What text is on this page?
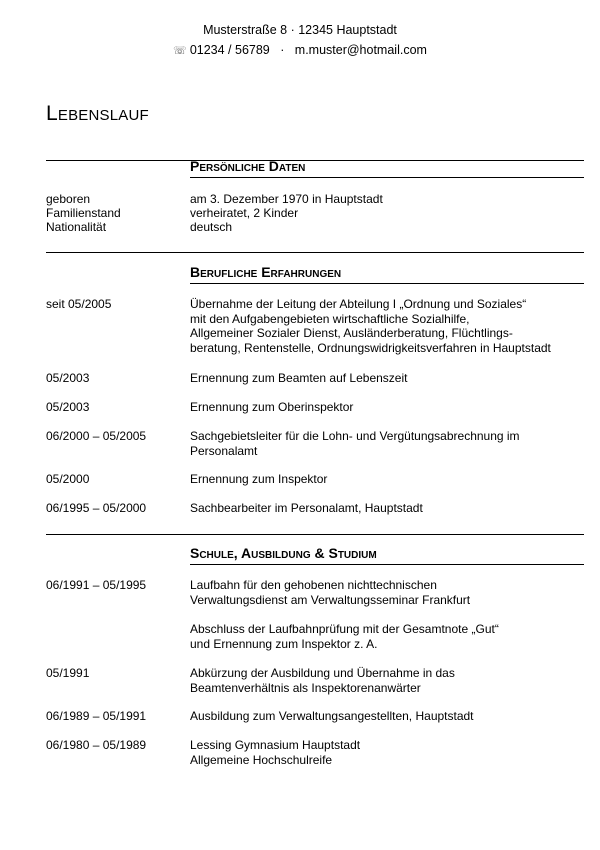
Musterstraße 8 · 12345 Hauptstadt
☏ 01234 / 56789 · m.muster@hotmail.com
Lebenslauf
Persönliche Daten
geboren	am 3. Dezember 1970 in Hauptstadt
Familienstand	verheiratet, 2 Kinder
Nationalität	deutsch
Berufliche Erfahrungen
seit 05/2005	Übernahme der Leitung der Abteilung I „Ordnung und Soziales“
mit den Aufgabengebieten wirtschaftliche Sozialhilfe,
Allgemeiner Sozialer Dienst, Ausländerberatung, Flüchtlings-
beratung, Rentenstelle, Ordnungswidrigkeitsverfahren in Hauptstadt
05/2003	Ernennung zum Beamten auf Lebenszeit
05/2003	Ernennung zum Oberinspektor
06/2000 – 05/2005	Sachgebietsleiter für die Lohn- und Vergütungsabrechnung im
Personalamt
05/2000	Ernennung zum Inspektor
06/1995 – 05/2000	Sachbearbeiter im Personalamt, Hauptstadt
Schule, Ausbildung & Studium
06/1991 – 05/1995	Laufbahn für den gehobenen nichttechnischen
Verwaltungsdienst am Verwaltungsseminar Frankfurt
Abschluss der Laufbahnprüfung mit der Gesamtnote „Gut“
und Ernennung zum Inspektor z. A.
05/1991	Abkürzung der Ausbildung und Übernahme in das
Beamtenverhältnis als Inspektorenanwärter
06/1989 – 05/1991	Ausbildung zum Verwaltungsangestellten, Hauptstadt
06/1980 – 05/1989	Lessing Gymnasium Hauptstadt
Allgemeine Hochschulreife
